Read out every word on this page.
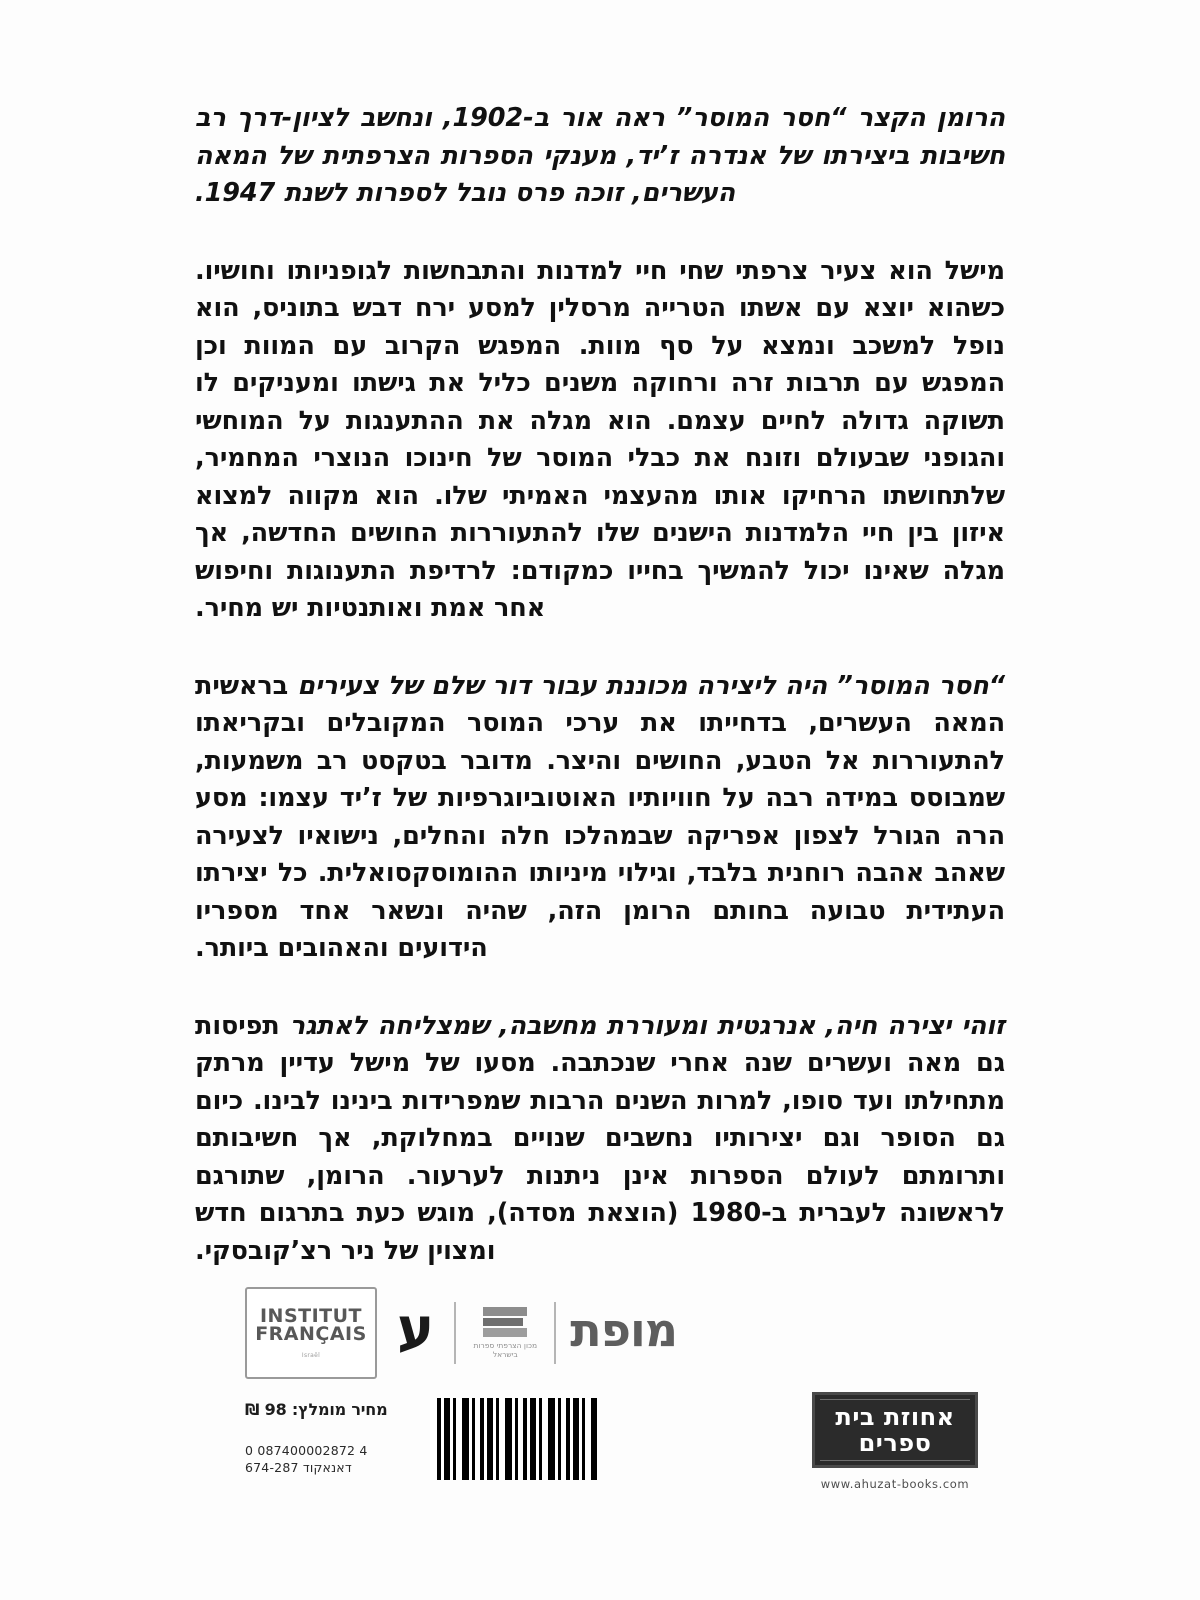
הרומן הקצר “חסר המוסר” ראה אור ב-1902, ונחשב לציון-דרך רב חשיבות ביצירתו של אנדרה ז’יד, מענקי הספרות הצרפתית של המאה העשרים, זוכה פרס נובל לספרות לשנת 1947.

מישל הוא צעיר צרפתי שחי חיי למדנות והתבחשות לגופניותו וחושיו. כשהוא יוצא עם אשתו הטרייה מרסלין למסע ירח דבש בתוניס, הוא נופל למשכב ונמצא על סף מוות. המפגש הקרוב עם המוות וכן המפגש עם תרבות זרה ורחוקה משנים כליל את גישתו ומעניקים לו תשוקה גדולה לחיים עצמם. הוא מגלה את ההתענגות על המוחשי והגופני שבעולם וזונח את כבלי המוסר של חינוכו הנוצרי המחמיר, שלתחושתו הרחיקו אותו מהעצמי האמיתי שלו. הוא מקווה למצוא איזון בין חיי הלמדנות הישנים שלו להתעוררות החושים החדשה, אך מגלה שאינו יכול להמשיך בחייו כמקודם: לרדיפת התענוגות וחיפוש אחר אמת ואותנטיות יש מחיר.

“חסר המוסר” היה ליצירה מכוננת עבור דור שלם של צעירים בראשית המאה העשרים, בדחייתו את ערכי המוסר המקובלים ובקריאתו להתעוררות אל הטבע, החושים והיצר. מדובר בטקסט רב משמעות, שמבוסס במידה רבה על חוויותיו האוטוביוגרפיות של ז’יד עצמו: מסע הרה הגורל לצפון אפריקה שבמהלכו חלה והחלים, נישואיו לצעירה שאהב אהבה רוחנית בלבד, וגילוי מיניותו ההומוסקסואלית. כל יצירתו העתידית טבועה בחותם הרומן הזה, שהיה ונשאר אחד מספריו הידועים והאהובים ביותר.

זוהי יצירה חיה, אנרגטית ומעוררת מחשבה, שמצליחה לאתגר תפיסות גם מאה ועשרים שנה אחרי שנכתבה. מסעו של מישל עדיין מרתק מתחילתו ועד סופו, למרות השנים הרבות שמפרידות בינינו לבינו. כיום גם הסופר וגם יצירותיו נחשבים שנויים במחלוקת, אך חשיבותם ותרומתם לעולם הספרות אינן ניתנות לערעור. הרומן, שתורגם לראשונה לעברית ב-1980 (הוצאת מסדה), מוגש כעת בתרגום חדש ומצוין של ניר רצ’קובסקי.

INSTITUT
FRANÇAIS
Israël ע	מכון הצרפתי ספרות בישראל	מופת
אחוזת בית
ספרים
www.ahuzat-books.com
מחיר מומלץ: 98 ₪
0 087400002872 4
דאנאקוד 674-287
